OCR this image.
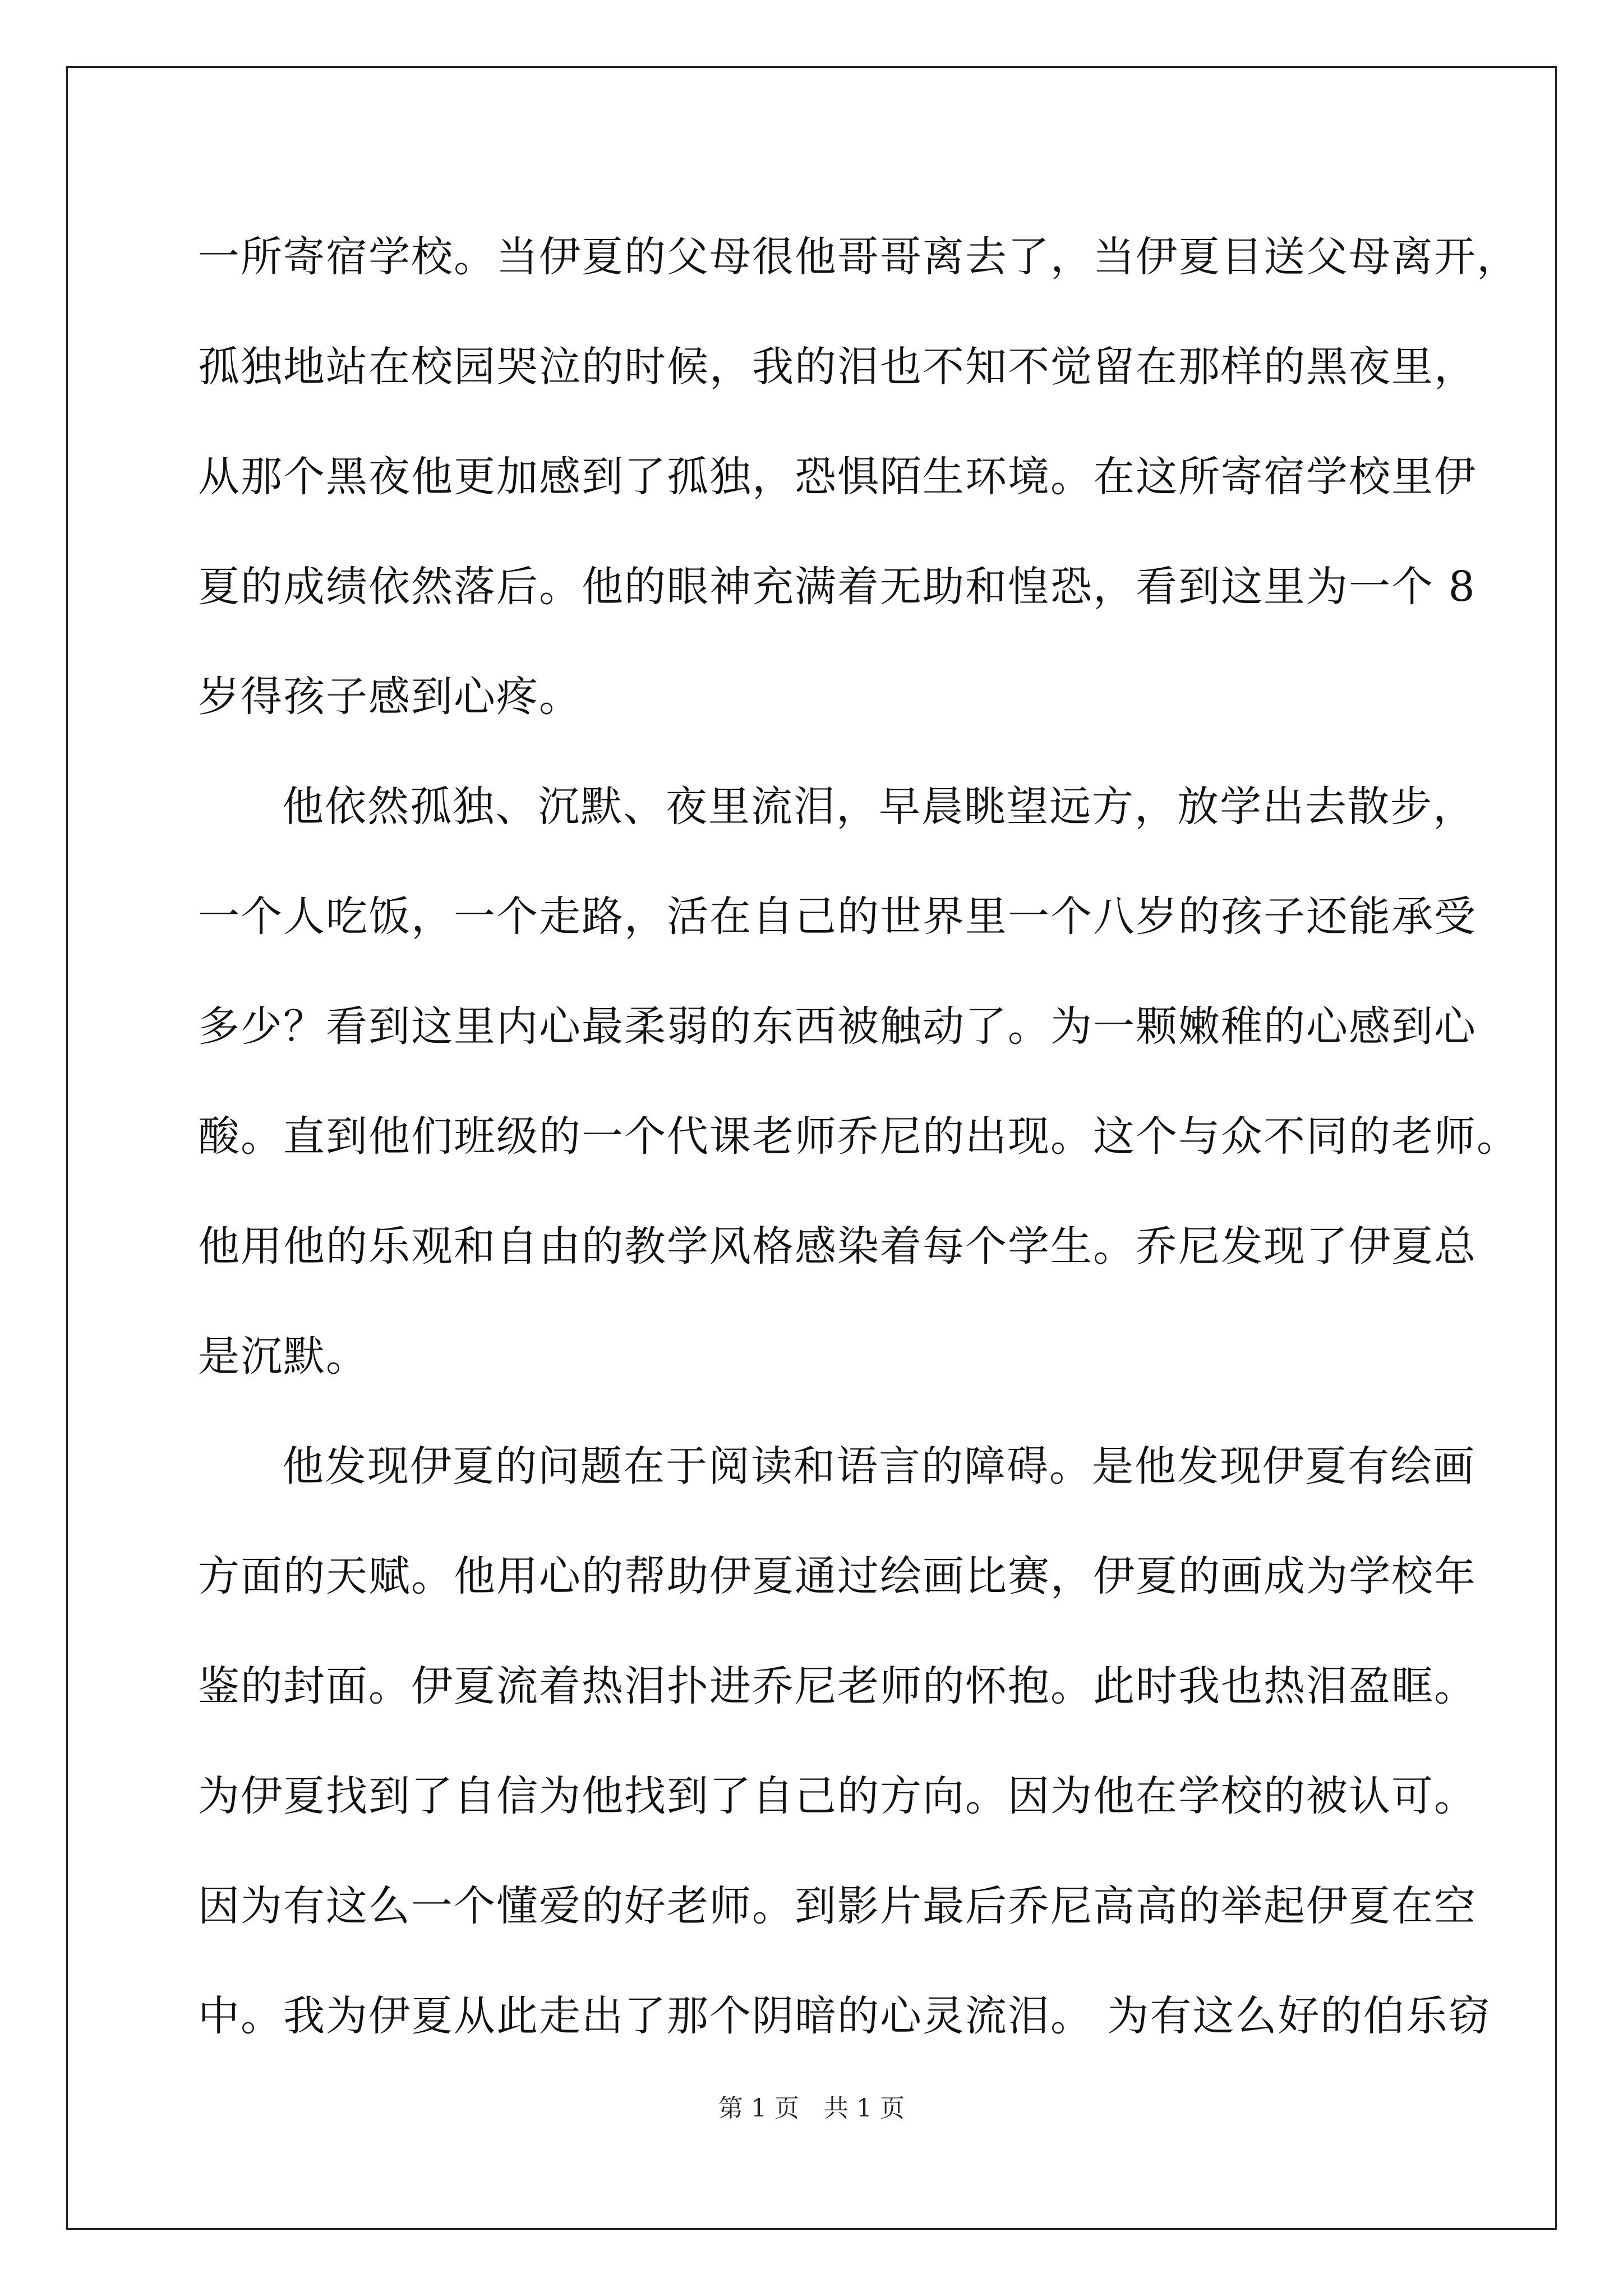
一所寄宿学校。当伊夏的父母很他哥哥离去了，当伊夏目送父母离开，
孤独地站在校园哭泣的时候，我的泪也不知不觉留在那样的黑夜里，
从那个黑夜他更加感到了孤独，恐惧陌生环境。在这所寄宿学校里伊
夏的成绩依然落后。他的眼神充满着无助和惶恐，看到这里为一个 8
岁得孩子感到心疼。
他依然孤独、沉默、夜里流泪，早晨眺望远方，放学出去散步，
一个人吃饭，一个走路，活在自己的世界里一个八岁的孩子还能承受
多少？看到这里内心最柔弱的东西被触动了。为一颗嫩稚的心感到心
酸。直到他们班级的一个代课老师乔尼的出现。这个与众不同的老师。
他用他的乐观和自由的教学风格感染着每个学生。乔尼发现了伊夏总
是沉默。
他发现伊夏的问题在于阅读和语言的障碍。是他发现伊夏有绘画
方面的天赋。他用心的帮助伊夏通过绘画比赛，伊夏的画成为学校年
鉴的封面。伊夏流着热泪扑进乔尼老师的怀抱。此时我也热泪盈眶。
为伊夏找到了自信为他找到了自己的方向。因为他在学校的被认可。
因为有这么一个懂爱的好老师。到影片最后乔尼高高的举起伊夏在空
中。我为伊夏从此走出了那个阴暗的心灵流泪。 为有这么好的伯乐窃
第 1 页　共 1 页
